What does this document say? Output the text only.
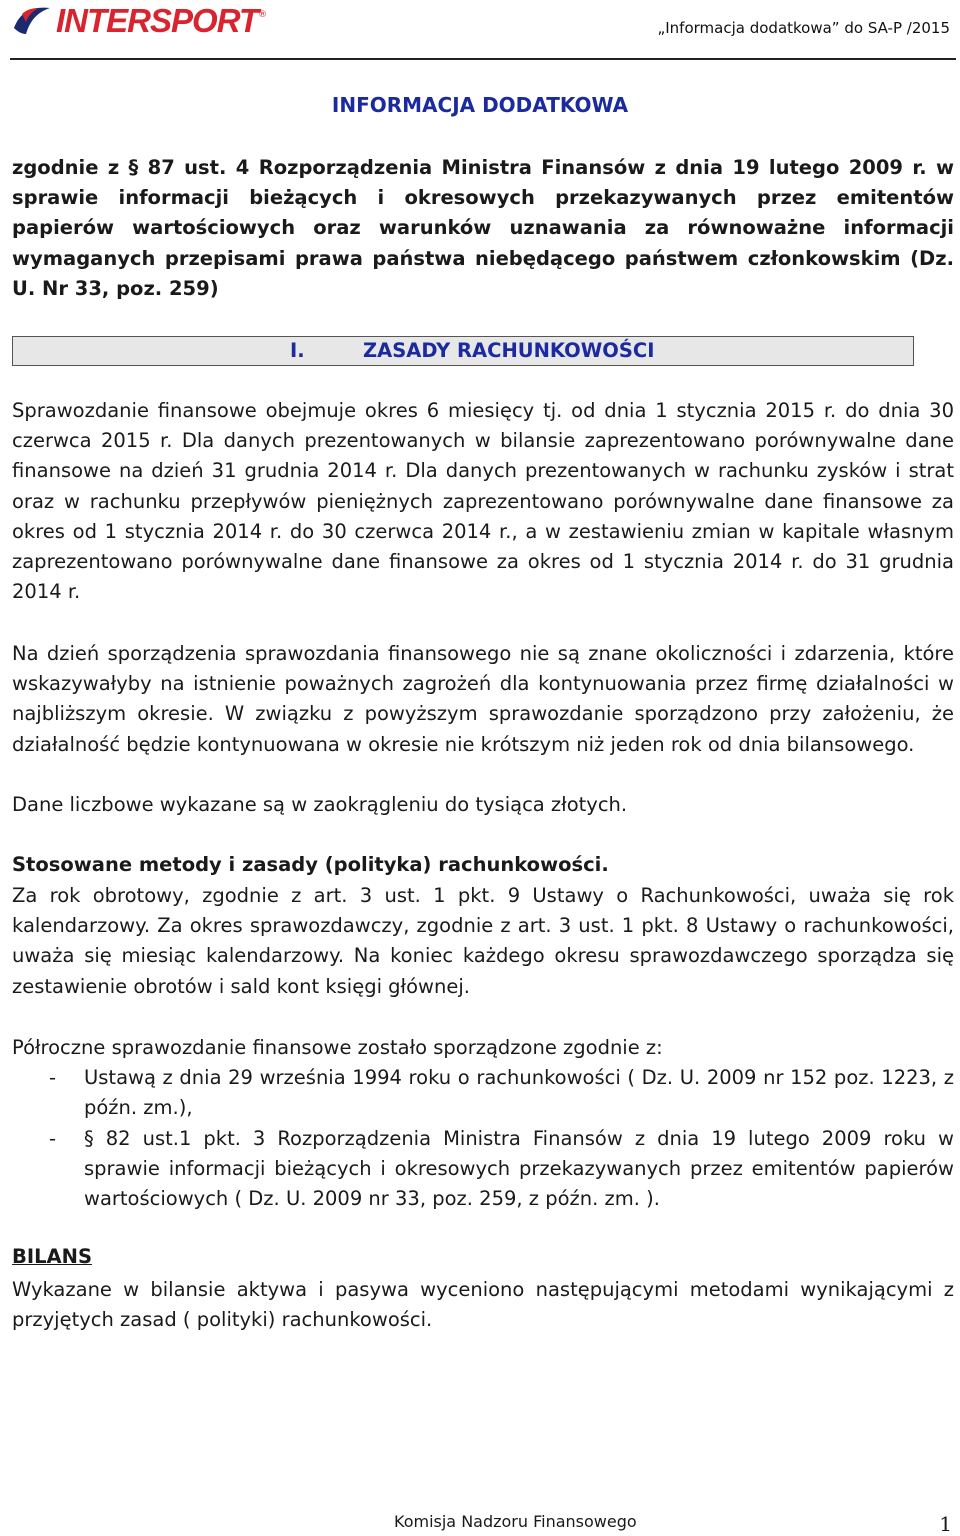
INTERSPORT ®
„Informacja dodatkowa” do SA-P /2015
INFORMACJA DODATKOWA
zgodnie z § 87 ust. 4 Rozporządzenia Ministra Finansów z dnia 19 lutego 2009 r. w sprawie informacji bieżących i okresowych przekazywanych przez emitentów papierów wartościowych oraz warunków uznawania za równoważne informacji wymaganych przepisami prawa państwa niebędącego państwem członkowskim (Dz. U. Nr 33, poz. 259)
I.	ZASADY RACHUNKOWOŚCI

Sprawozdanie finansowe obejmuje okres 6 miesięcy tj. od dnia 1 stycznia 2015 r. do dnia 30 czerwca 2015 r. Dla danych prezentowanych w bilansie zaprezentowano porównywalne dane finansowe na dzień 31 grudnia 2014 r. Dla danych prezentowanych w rachunku zysków i strat oraz w rachunku przepływów pieniężnych zaprezentowano porównywalne dane finansowe za okres od 1 stycznia 2014 r. do 30 czerwca 2014 r., a w zestawieniu zmian w kapitale własnym zaprezentowano porównywalne dane finansowe za okres od 1 stycznia 2014 r. do 31 grudnia 2014 r.

Na dzień sporządzenia sprawozdania finansowego nie są znane okoliczności i zdarzenia, które wskazywałyby na istnienie poważnych zagrożeń dla kontynuowania przez firmę działalności w najbliższym okresie. W związku z powyższym sprawozdanie sporządzono przy założeniu, że działalność będzie kontynuowana w okresie nie krótszym niż jeden rok od dnia bilansowego.

Dane liczbowe wykazane są w zaokrągleniu do tysiąca złotych.

Stosowane metody i zasady (polityka) rachunkowości.

Za rok obrotowy, zgodnie z art. 3 ust. 1 pkt. 9 Ustawy o Rachunkowości, uważa się rok kalendarzowy. Za okres sprawozdawczy, zgodnie z art. 3 ust. 1 pkt. 8 Ustawy o rachunkowości, uważa się miesiąc kalendarzowy. Na koniec każdego okresu sprawozdawczego sporządza się zestawienie obrotów i sald kont księgi głównej.

Półroczne sprawozdanie finansowe zostało sporządzone zgodnie z:

- Ustawą z dnia 29 września 1994 roku o rachunkowości ( Dz. U. 2009 nr 152 poz. 1223, z późn. zm.),
- § 82 ust.1 pkt. 3 Rozporządzenia Ministra Finansów z dnia 19 lutego 2009 roku w sprawie informacji bieżących i okresowych przekazywanych przez emitentów papierów wartościowych ( Dz. U. 2009 nr 33, poz. 259, z późn. zm. ).
BILANS

Wykazane w bilansie aktywa i pasywa wyceniono następującymi metodami wynikającymi z przyjętych zasad ( polityki) rachunkowości.

Komisja Nadzoru Finansowego	1
